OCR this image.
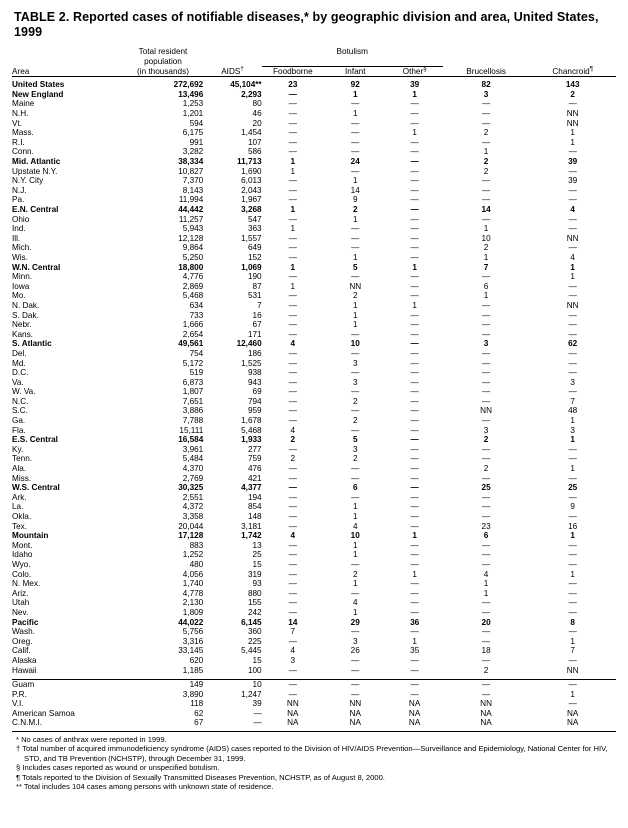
TABLE 2. Reported cases of notifiable diseases,* by geographic division and area, United States, 1999
	Total resident		Botulism				
	population						
Area	(in thousands)	AIDS†	Foodborne	Infant	Other§	Brucellosis	Chancroid¶

United States	272,692	45,104**	23	92	39	82	143
New England	13,496	2,293	—	1	1	3	2
Maine	1,253	80	—	—	—	—	—
N.H.	1,201	46	—	1	—	—	NN
Vt.	594	20	—	—	—	—	NN
Mass.	6,175	1,454	—	—	1	2	1
R.I.	991	107	—	—	—	—	1
Conn.	3,282	586	—	—	—	1	—
Mid. Atlantic	38,334	11,713	1	24	—	2	39
Upstate N.Y.	10,827	1,690	1	—	—	2	—
N.Y. City	7,370	6,013	—	1	—	—	39
N.J.	8,143	2,043	—	14	—	—	—
Pa.	11,994	1,967	—	9	—	—	—
E.N. Central	44,442	3,268	1	2	—	14	4
Ohio	11,257	547	—	1	—	—	—
Ind.	5,943	363	1	—	—	1	—
Ill.	12,128	1,557	—	—	—	10	NN
Mich.	9,864	649	—	—	—	2	—
Wis.	5,250	152	—	1	—	1	4
W.N. Central	18,800	1,069	1	5	1	7	1
Minn.	4,776	190	—	—	—	—	1
Iowa	2,869	87	1	NN	—	6	—
Mo.	5,468	531	—	2	—	1	—
N. Dak.	634	7	—	1	1	—	NN
S. Dak.	733	16	—	1	—	—	—
Nebr.	1,666	67	—	1	—	—	—
Kans.	2,654	171	—	—	—	—	—
S. Atlantic	49,561	12,460	4	10	—	3	62
Del.	754	186	—	—	—	—	—
Md.	5,172	1,525	—	3	—	—	—
D.C.	519	938	—	—	—	—	—
Va.	6,873	943	—	3	—	—	3
W. Va.	1,807	69	—	—	—	—	—
N.C.	7,651	794	—	2	—	—	7
S.C.	3,886	959	—	—	—	NN	48
Ga.	7,788	1,678	—	2	—	—	1
Fla.	15,111	5,468	4	—	—	3	3
E.S. Central	16,584	1,933	2	5	—	2	1
Ky.	3,961	277	—	3	—	—	—
Tenn.	5,484	759	2	2	—	—	—
Ala.	4,370	476	—	—	—	2	1
Miss.	2,769	421	—	—	—	—	—
W.S. Central	30,325	4,377	—	6	—	25	25
Ark.	2,551	194	—	—	—	—	—
La.	4,372	854	—	1	—	—	9
Okla.	3,358	148	—	1	—	—	—
Tex.	20,044	3,181	—	4	—	23	16
Mountain	17,128	1,742	4	10	1	6	1
Mont.	883	13	—	1	—	—	—
Idaho	1,252	25	—	1	—	—	—
Wyo.	480	15	—	—	—	—	—
Colo.	4,056	319	—	2	1	4	1
N. Mex.	1,740	93	—	1	—	1	—
Ariz.	4,778	880	—	—	—	1	—
Utah	2,130	155	—	4	—	—	—
Nev.	1,809	242	—	1	—	—	—
Pacific	44,022	6,145	14	29	36	20	8
Wash.	5,756	360	7	—	—	—	—
Oreg.	3,316	225	—	3	1	—	1
Calif.	33,145	5,445	4	26	35	18	7
Alaska	620	15	3	—	—	—	—
Hawaii	1,185	100	—	—	—	2	NN

Guam	149	10	—	—	—	—	—
P.R.	3,890	1,247	—	—	—	—	1
V.I.	118	39	NN	NN	NA	NN	—
American Samoa	62	—	NA	NA	NA	NA	NA
C.N.M.I.	67	—	NA	NA	NA	NA	NA

* No cases of anthrax were reported in 1999.
† Total number of acquired immunodeficiency syndrome (AIDS) cases reported to the Division of HIV/AIDS Prevention—Surveillance and Epidemiology, National Center for HIV, STD, and TB Prevention (NCHSTP), through December 31, 1999.
§ Includes cases reported as wound or unspecified botulism.
¶ Totals reported to the Division of Sexually Transmitted Diseases Prevention, NCHSTP, as of August 8, 2000.
** Total includes 104 cases among persons with unknown state of residence.
